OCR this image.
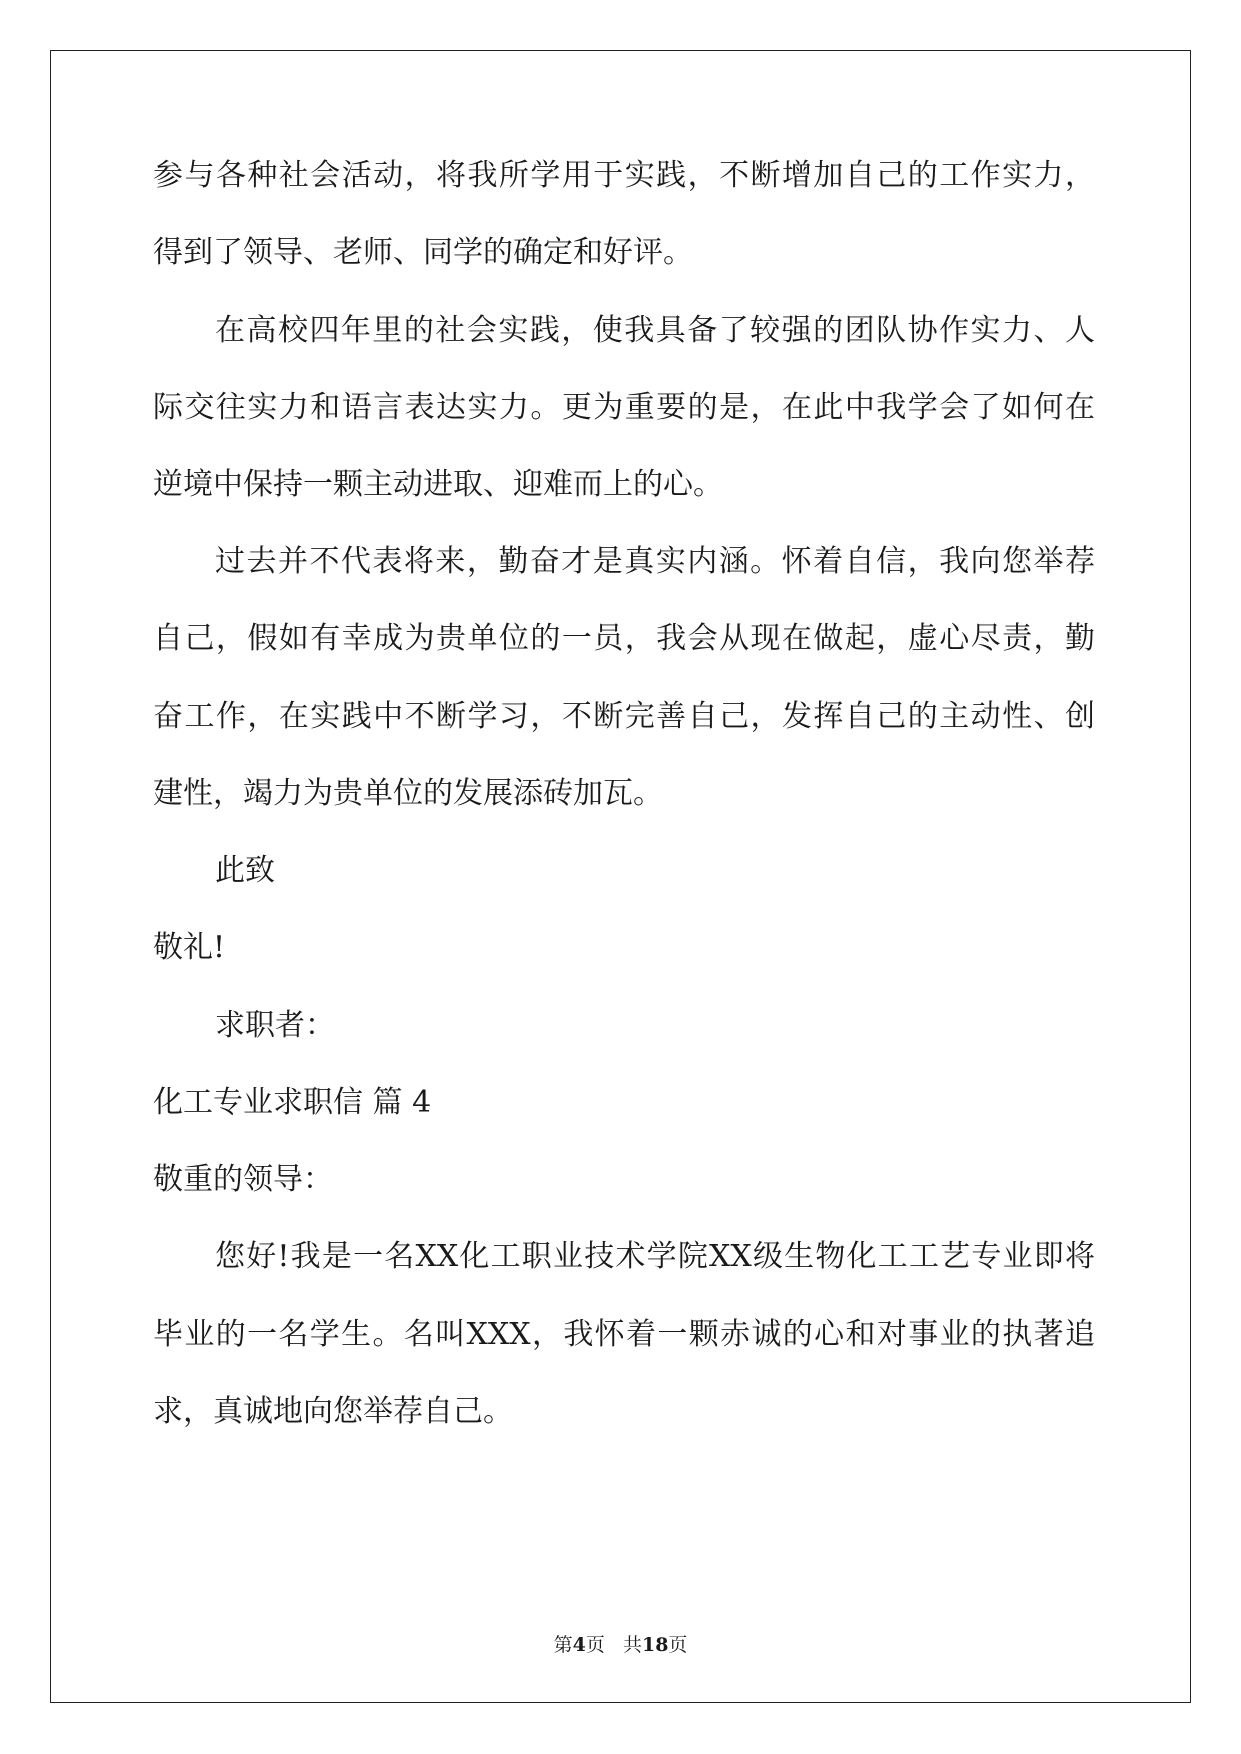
参与各种社会活动，将我所学用于实践，不断增加自己的工作实力，
得到了领导、老师、同学的确定和好评。
在高校四年里的社会实践，使我具备了较强的团队协作实力、人
际交往实力和语言表达实力。更为重要的是，在此中我学会了如何在
逆境中保持一颗主动进取、迎难而上的心。
过去并不代表将来，勤奋才是真实内涵。怀着自信，我向您举荐
自己，假如有幸成为贵单位的一员，我会从现在做起，虚心尽责，勤
奋工作，在实践中不断学习，不断完善自己，发挥自己的主动性、创
建性，竭力为贵单位的发展添砖加瓦。
此致
敬礼!
求职者：
化工专业求职信 篇 4
敬重的领导：
您好!我是一名XX化工职业技术学院XX级生物化工工艺专业即将
毕业的一名学生。名叫XXX，我怀着一颗赤诚的心和对事业的执著追
求，真诚地向您举荐自己。
第4页 共18页
